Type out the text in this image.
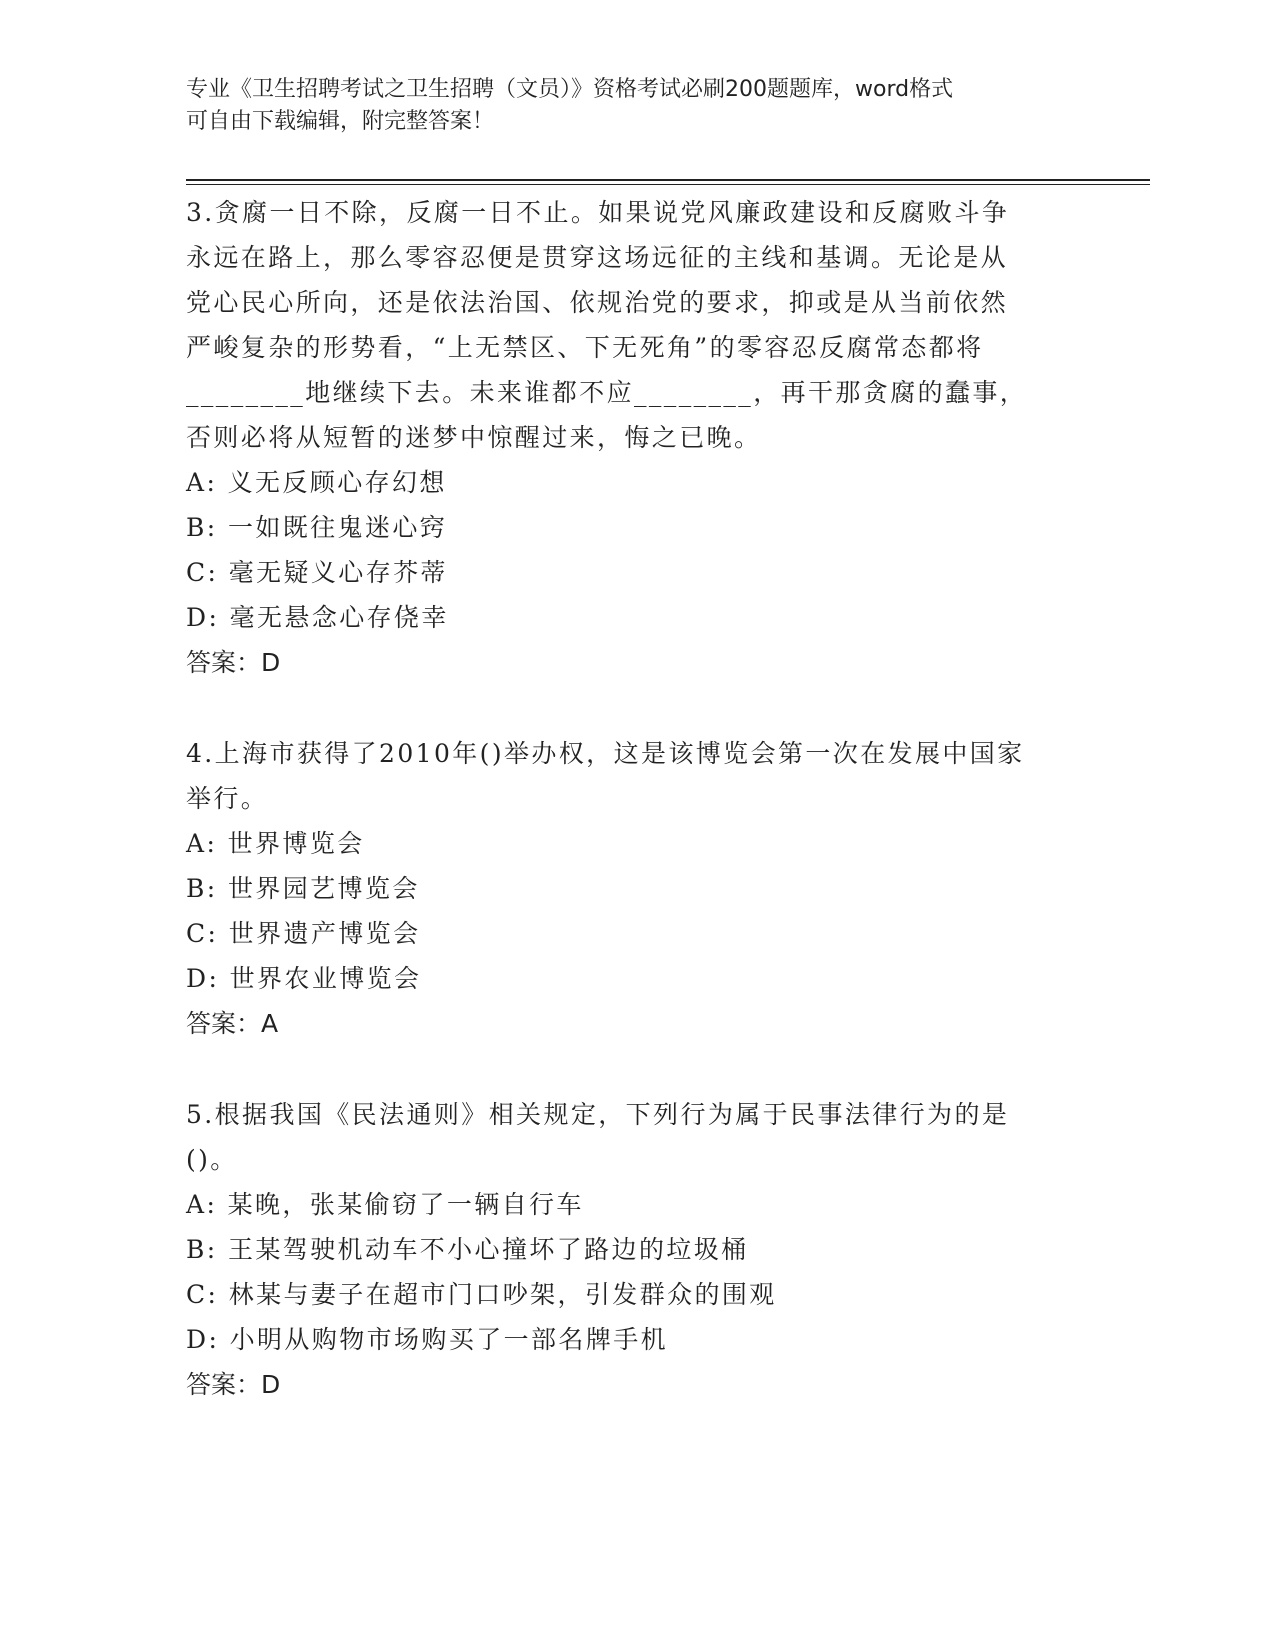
专业《卫生招聘考试之卫生招聘（文员）》资格考试必刷200题题库，word格式
可自由下载编辑，附完整答案！
3.贪腐一日不除，反腐一日不止。如果说党风廉政建设和反腐败斗争
永远在路上，那么零容忍便是贯穿这场远征的主线和基调。无论是从
党心民心所向，还是依法治国、依规治党的要求，抑或是从当前依然
严峻复杂的形势看，“上无禁区、下无死角”的零容忍反腐常态都将
________地继续下去。未来谁都不应________，再干那贪腐的蠢事，
否则必将从短暂的迷梦中惊醒过来，悔之已晚。
A: 义无反顾心存幻想
B: 一如既往鬼迷心窍
C: 毫无疑义心存芥蒂
D: 毫无悬念心存侥幸
答案：D
4.上海市获得了2010年()举办权，这是该博览会第一次在发展中国家
举行。
A: 世界博览会
B: 世界园艺博览会
C: 世界遗产博览会
D: 世界农业博览会
答案：A
5.根据我国《民法通则》相关规定，下列行为属于民事法律行为的是
()。
A: 某晚，张某偷窃了一辆自行车
B: 王某驾驶机动车不小心撞坏了路边的垃圾桶
C: 林某与妻子在超市门口吵架，引发群众的围观
D: 小明从购物市场购买了一部名牌手机
答案：D
